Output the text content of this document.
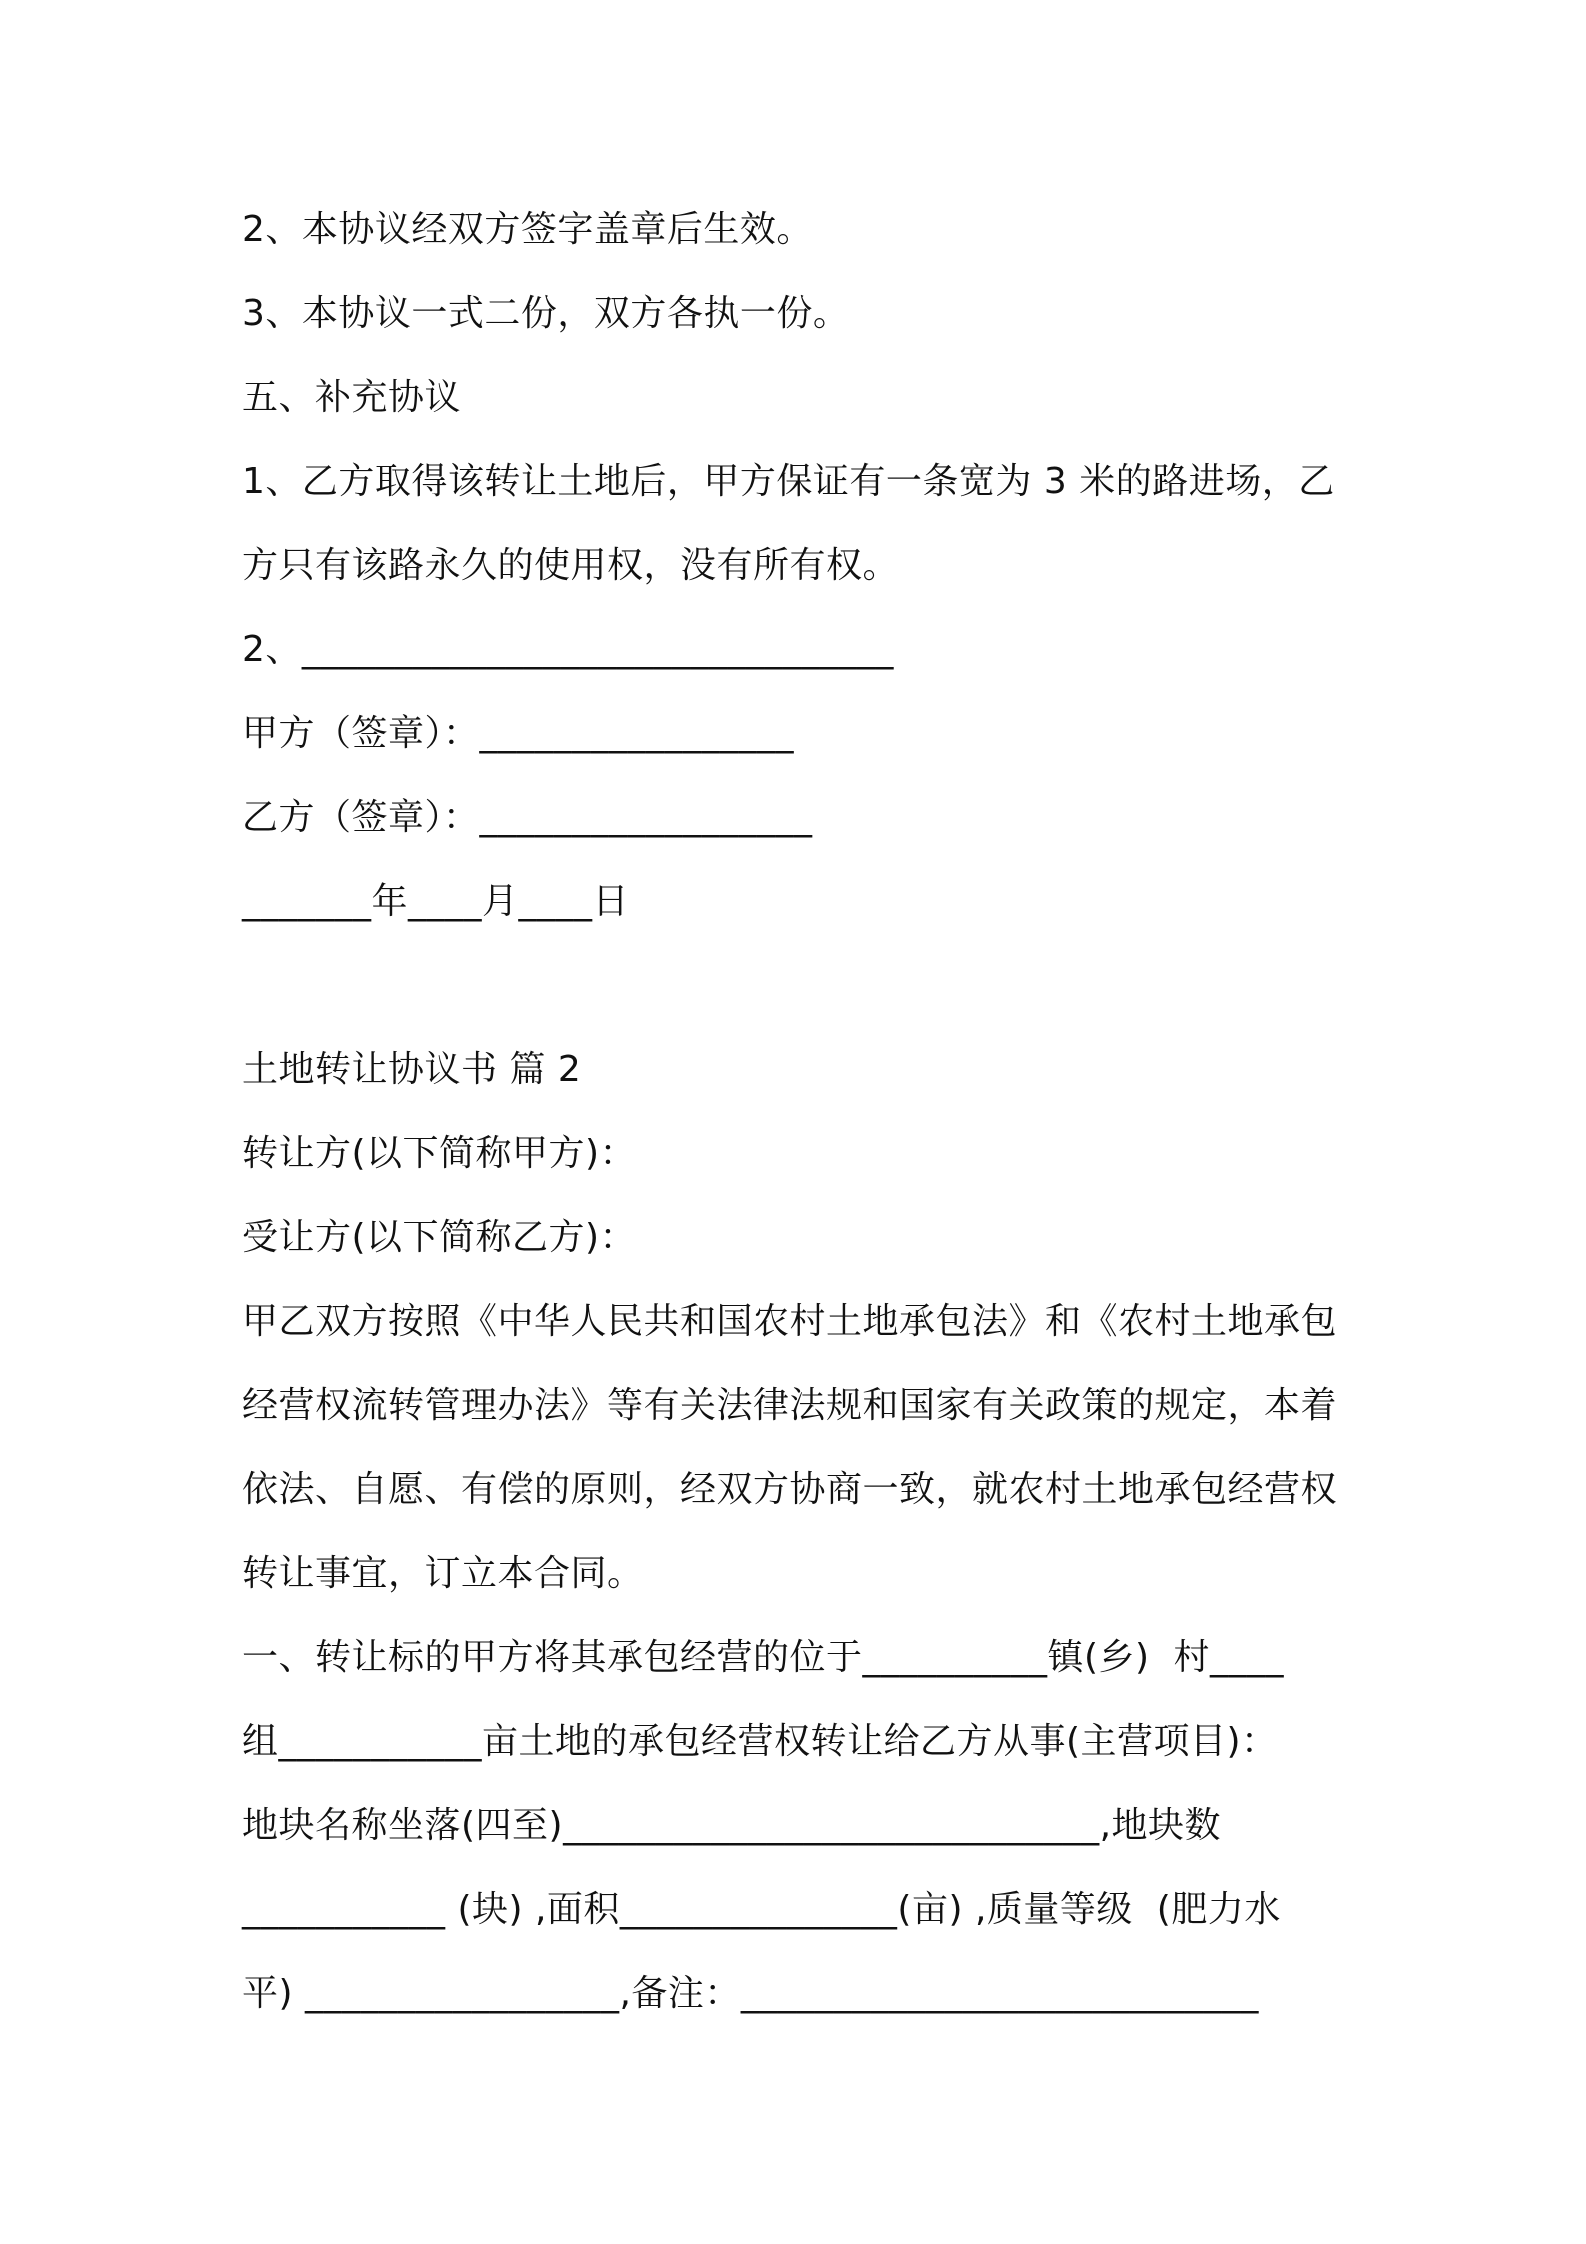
2、本协议经双方签字盖章后生效。
3、本协议一式二份，双方各执一份。
五、补充协议
1、乙方取得该转让土地后，甲方保证有一条宽为 3 米的路进场，乙
方只有该路永久的使用权，没有所有权。
2、________________________________
甲方（签章）：_________________
乙方（签章）：__________________
_______年____月____日
土地转让协议书 篇 2
转让方(以下简称甲方)：
受让方(以下简称乙方)：
甲乙双方按照《中华人民共和国农村土地承包法》和《农村土地承包
经营权流转管理办法》等有关法律法规和国家有关政策的规定，本着
依法、自愿、有偿的原则，经双方协商一致，就农村土地承包经营权
转让事宜，订立本合同。
一、转让标的甲方将其承包经营的位于__________镇(乡)  村____
组___________亩土地的承包经营权转让给乙方从事(主营项目)：
地块名称坐落(四至)_____________________________,地块数
___________ (块) ,面积_______________(亩) ,质量等级  (肥力水
平) _________________,备注：____________________________
